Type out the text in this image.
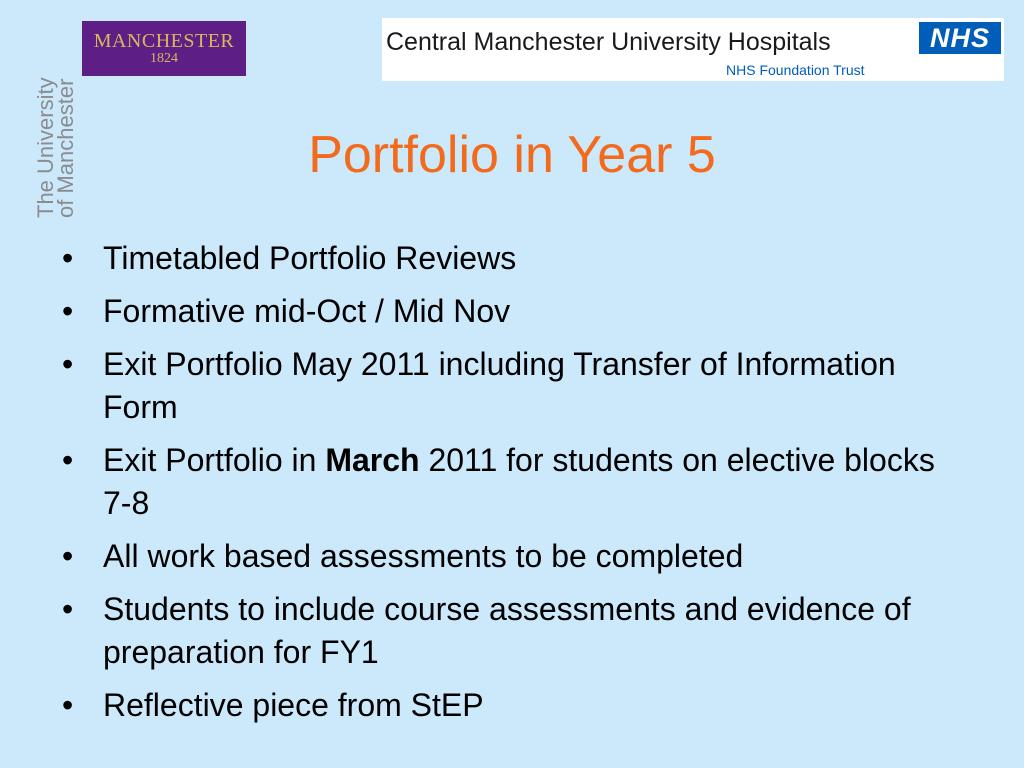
MANCHESTER
1824
The University
of Manchester
Central Manchester University Hospitals
NHS Foundation Trust
NHS
Portfolio in Year 5
• Timetabled Portfolio Reviews
• Formative mid-Oct / Mid Nov
• Exit Portfolio May 2011 including Transfer of Information Form
• Exit Portfolio in March 2011 for students on elective blocks 7-8
• All work based assessments to be completed
• Students to include course assessments and evidence of preparation for FY1
• Reflective piece from StEP
